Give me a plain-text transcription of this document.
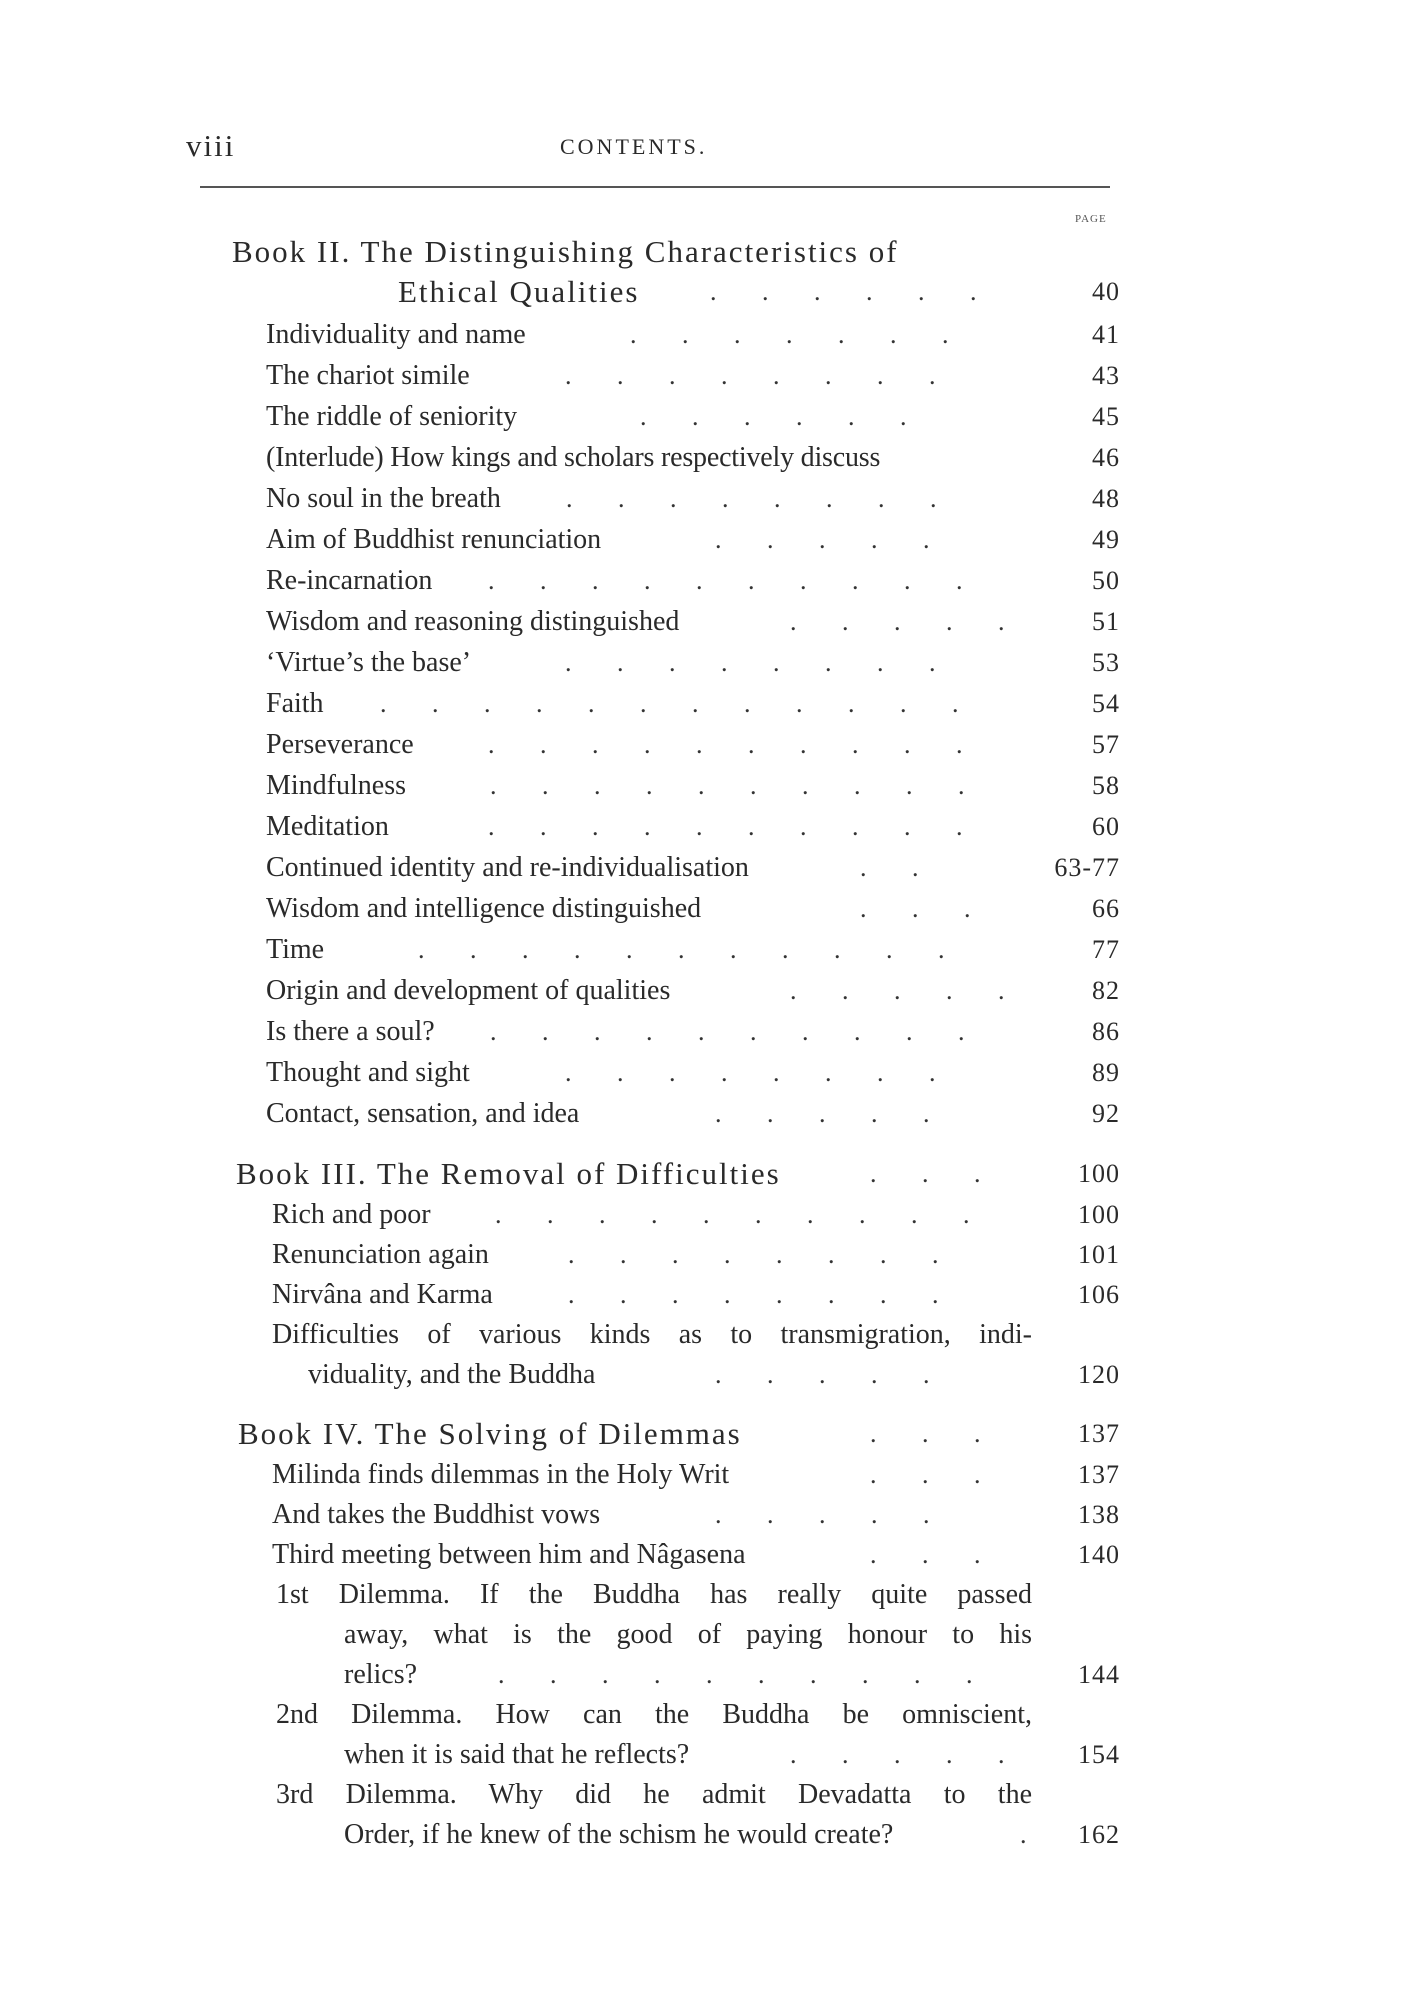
viii	CONTENTS.
PAGE
Book II. The Distinguishing Characteristics of
Ethical Qualities	.       .       .       .       .       .	40
Individuality and name	.       .       .       .       .       .       .	41
The chariot simile	.       .       .       .       .       .       .       .	43
The riddle of seniority	.       .       .       .       .       .	45
(Interlude) How kings and scholars respectively discuss	46
No soul in the breath	.       .       .       .       .       .       .       .	48
Aim of Buddhist renunciation	.       .       .       .       .	49
Re-incarnation .       .       .       .       .       .       .       .       .       .	50
Wisdom and reasoning distinguished	.       .       .       .       .	51
‘Virtue’s the base’	.       .       .       .       .       .       .       .	53
Faith .       .       .       .       .       .       .       .       .       .       .       .	54
Perseverance	.       .       .       .       .       .       .       .       .       .	57
Mindfulness	.       .       .       .       .       .       .       .       .       .	58
Meditation	.       .       .       .       .       .       .       .       .       .	60
Continued identity and re-individualisation	.       .	63-77
Wisdom and intelligence distinguished	.       .       .	66
Time	.       .       .       .       .       .       .       .       .       .       .	77
Origin and development of qualities	.       .       .       .       .	82
Is there a soul? .       .       .       .       .       .       .       .       .       .	86
Thought and sight	.       .       .       .       .       .       .       .	89
Contact, sensation, and idea	.       .       .       .       .	92
Book III. The Removal of Difficulties	.       .       .	100
Rich and poor .       .       .       .       .       .       .       .       .       .	100
Renunciation again	.       .       .       .       .       .       .       .	101
Nirvâna and Karma	.       .       .       .       .       .       .       .	106
Difficulties of various kinds as to transmigration, indi-
viduality, and the Buddha	.       .       .       .       .	120
Book IV. The Solving of Dilemmas	.       .       .	137
Milinda finds dilemmas in the Holy Writ	.       .       .	137
And takes the Buddhist vows	.       .       .       .       .	138
Third meeting between him and Nâgasena	.       .       .	140
1st Dilemma. If the Buddha has really quite passed
away, what is the good of paying honour to his
relics?	.       .       .       .       .       .       .       .       .       .	144
2nd Dilemma. How can the Buddha be omniscient,
when it is said that he reflects?	.       .       .       .       .	154
3rd Dilemma. Why did he admit Devadatta to the
Order, if he knew of the schism he would create?	.	162
